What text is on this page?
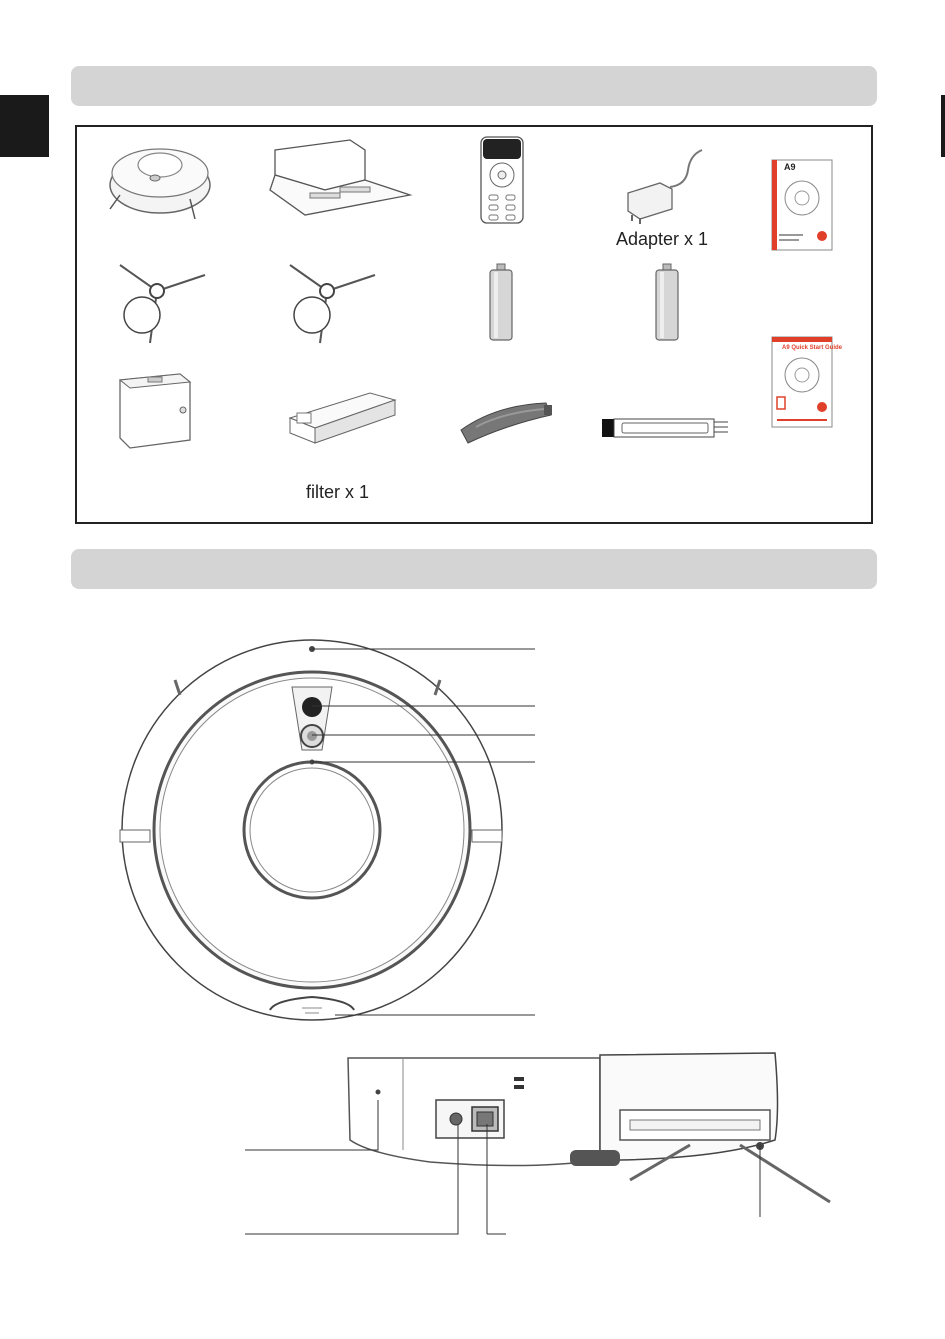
Adapter x 1
A9
A9 Quick Start Guide
filter x 1
